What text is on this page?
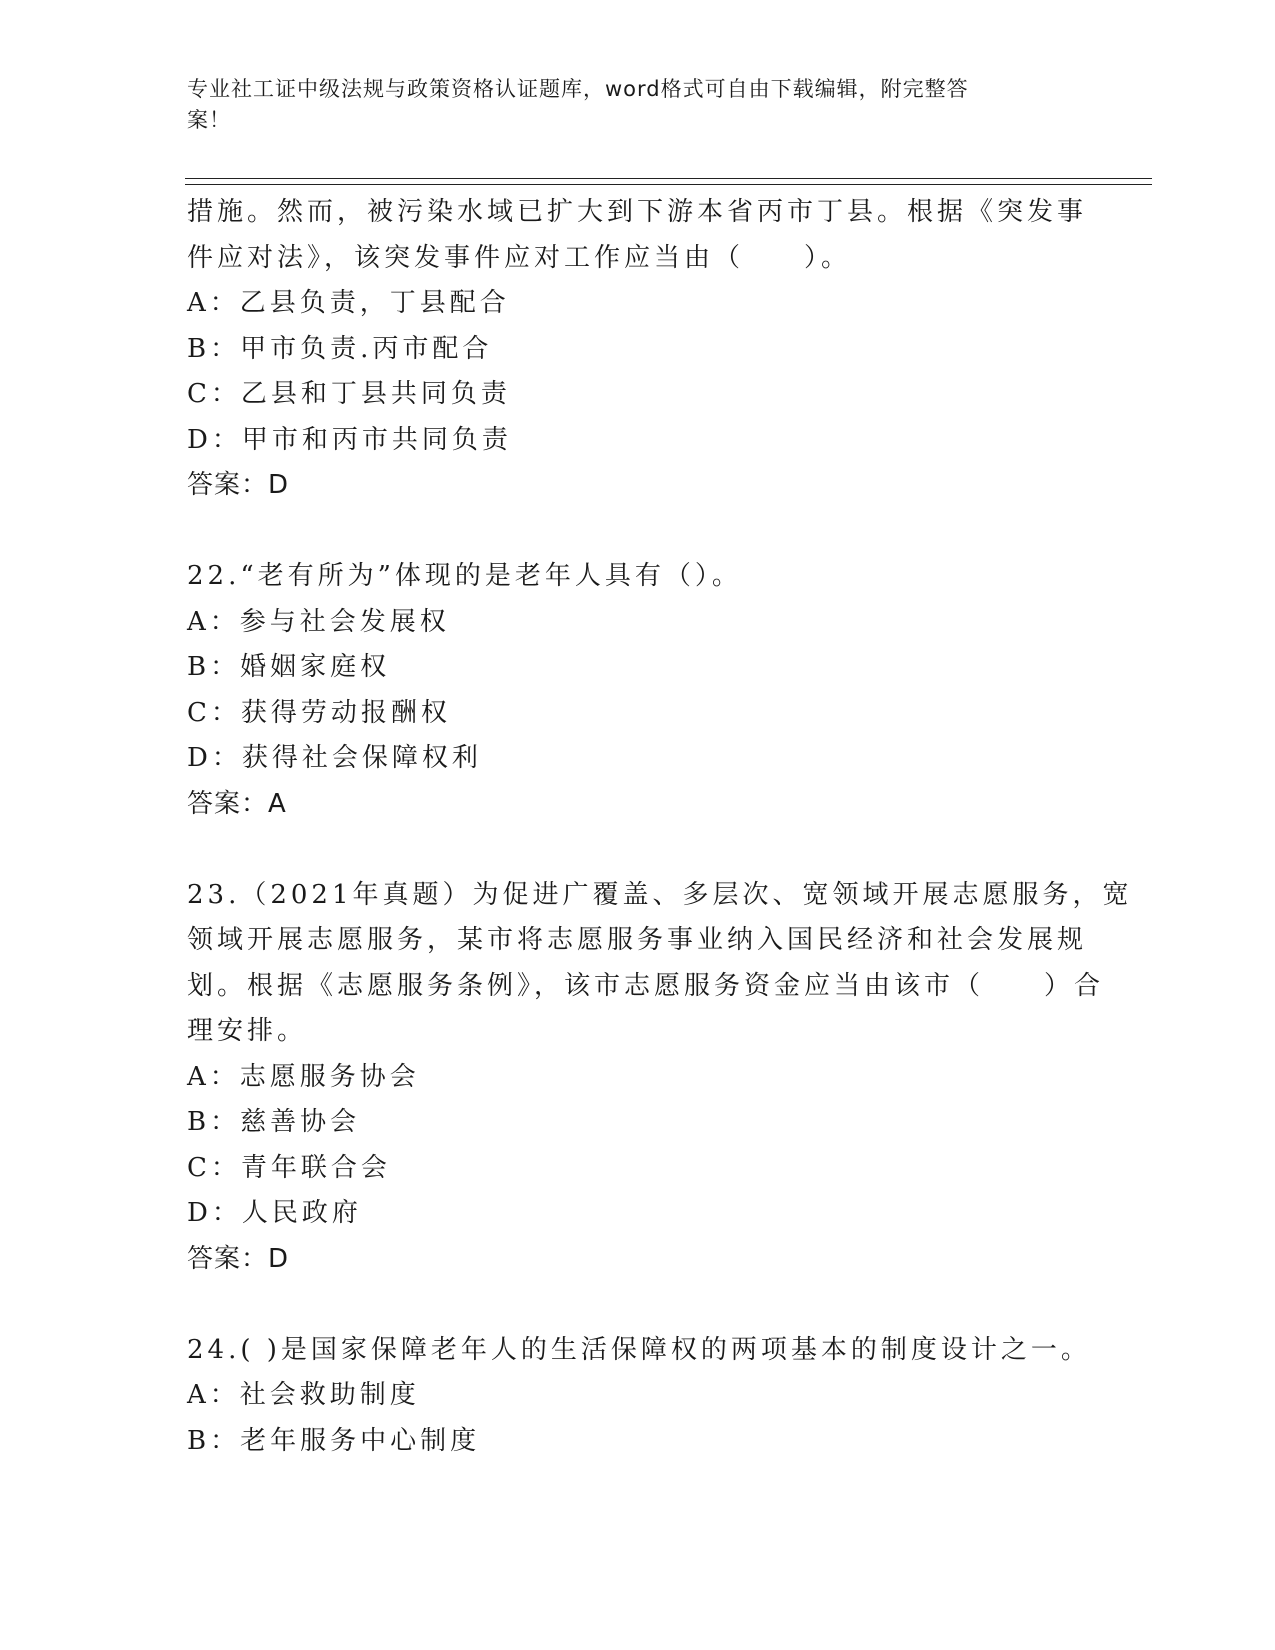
专业社工证中级法规与政策资格认证题库，word格式可自由下载编辑，附完整答
案！
措施。然而，被污染水域已扩大到下游本省丙市丁县。根据《突发事
件应对法》，该突发事件应对工作应当由（　　）。
A：乙县负责，丁县配合
B：甲市负责.丙市配合
C：乙县和丁县共同负责
D：甲市和丙市共同负责
答案：D
22.“老有所为”体现的是老年人具有（）。
A：参与社会发展权
B：婚姻家庭权
C：获得劳动报酬权
D：获得社会保障权利
答案：A
23.（2021年真题）为促进广覆盖、多层次、宽领域开展志愿服务，宽
领域开展志愿服务，某市将志愿服务事业纳入国民经济和社会发展规
划。根据《志愿服务条例》，该市志愿服务资金应当由该市（　　）合
理安排。
A：志愿服务协会
B：慈善协会
C：青年联合会
D：人民政府
答案：D
24.( )是国家保障老年人的生活保障权的两项基本的制度设计之一。
A：社会救助制度
B：老年服务中心制度
